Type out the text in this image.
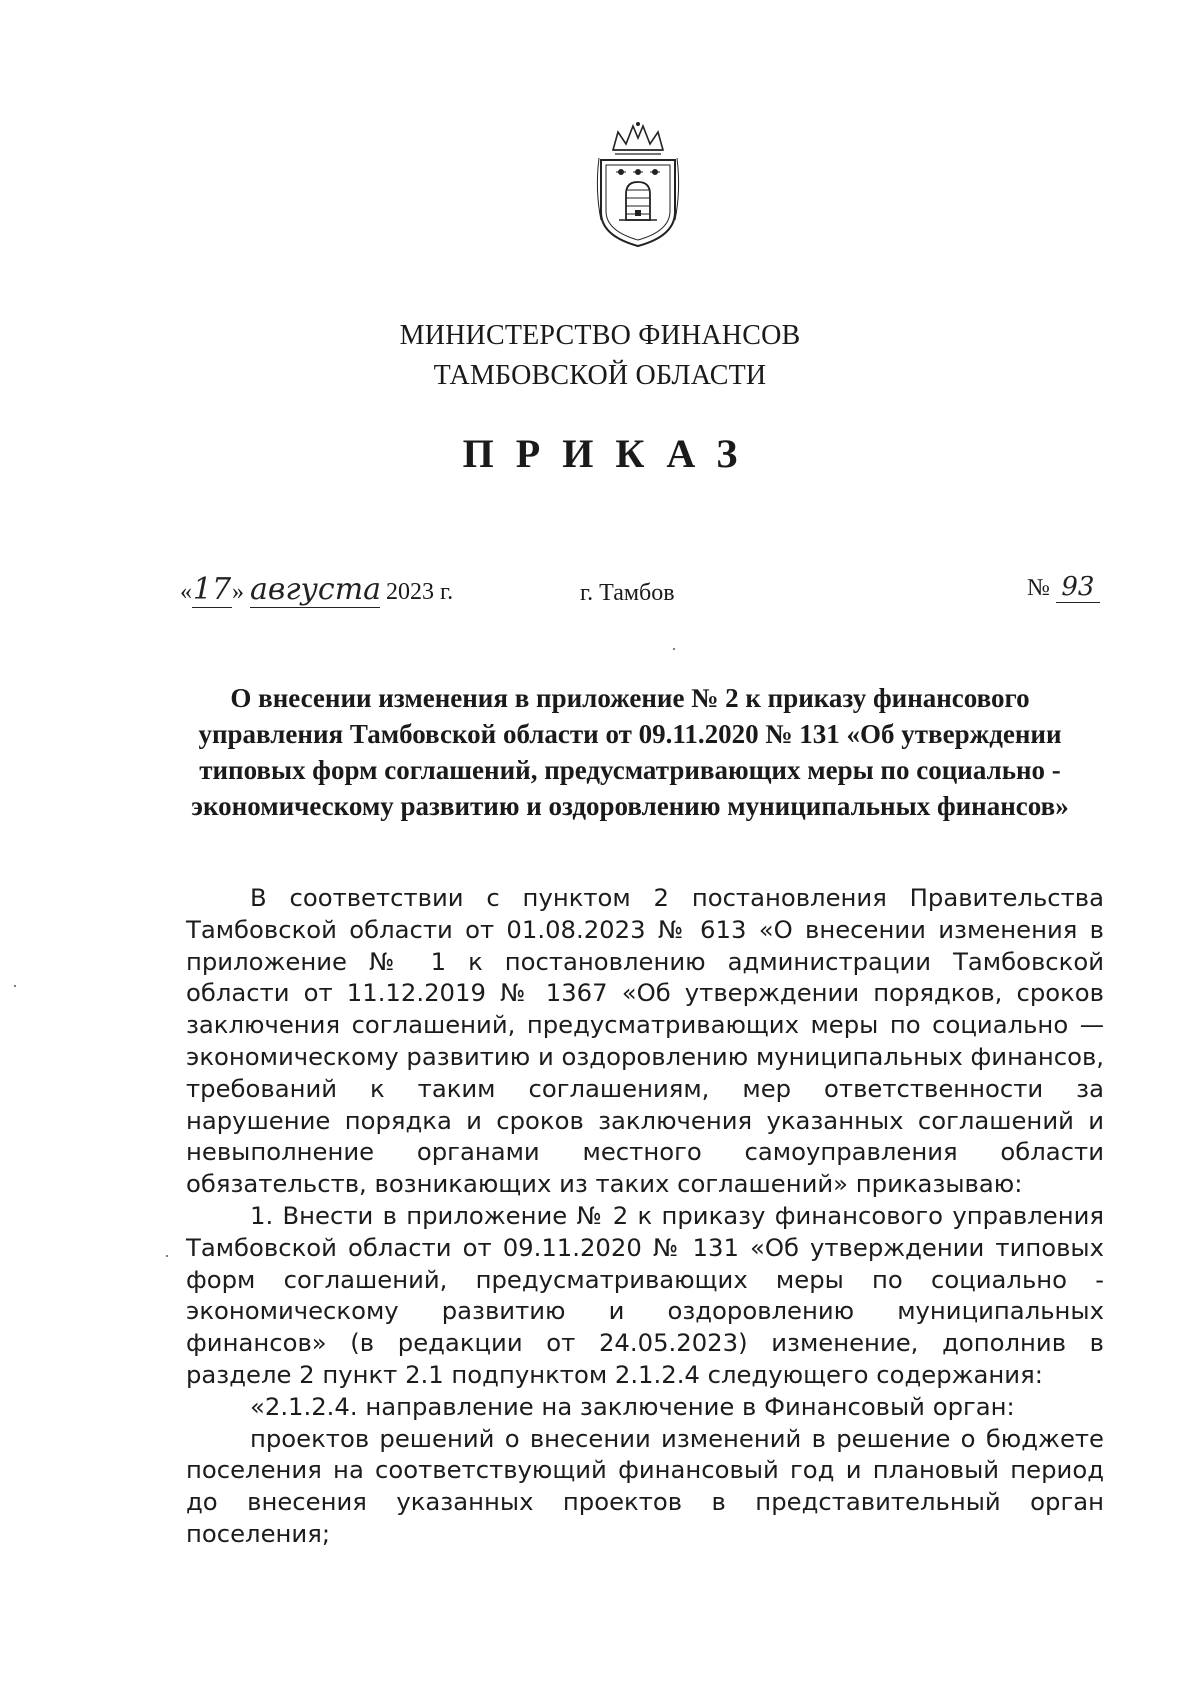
МИНИСТЕРСТВО ФИНАНСОВ
ТАМБОВСКОЙ ОБЛАСТИ
ПРИКАЗ
«17» августа 2023 г.	г. Тамбов	№ 93
О внесении изменения в приложение № 2 к приказу финансового управления Тамбовской области от 09.11.2020 № 131 «Об утверждении типовых форм соглашений, предусматривающих меры по социально - экономическому развитию и оздоровлению муниципальных финансов»

В соответствии с пунктом 2 постановления Правительства Тамбовской области от 01.08.2023 № 613 «О внесении изменения в приложение № 1 к постановлению администрации Тамбовской области от 11.12.2019 № 1367 «Об утверждении порядков, сроков заключения соглашений, предусматривающих меры по социально — экономическому развитию и оздоровлению муниципальных финансов, требований к таким соглашениям, мер ответственности за нарушение порядка и сроков заключения указанных соглашений и невыполнение органами местного самоуправления области обязательств, возникающих из таких соглашений» приказываю:

1. Внести в приложение № 2 к приказу финансового управления Тамбовской области от 09.11.2020 № 131 «Об утверждении типовых форм соглашений, предусматривающих меры по социально - экономическому развитию и оздоровлению муниципальных финансов» (в редакции от 24.05.2023) изменение, дополнив в разделе 2 пункт 2.1 подпунктом 2.1.2.4 следующего содержания:

«2.1.2.4. направление на заключение в Финансовый орган:

проектов решений о внесении изменений в решение о бюджете поселения на соответствующий финансовый год и плановый период до внесения указанных проектов в представительный орган поселения;
